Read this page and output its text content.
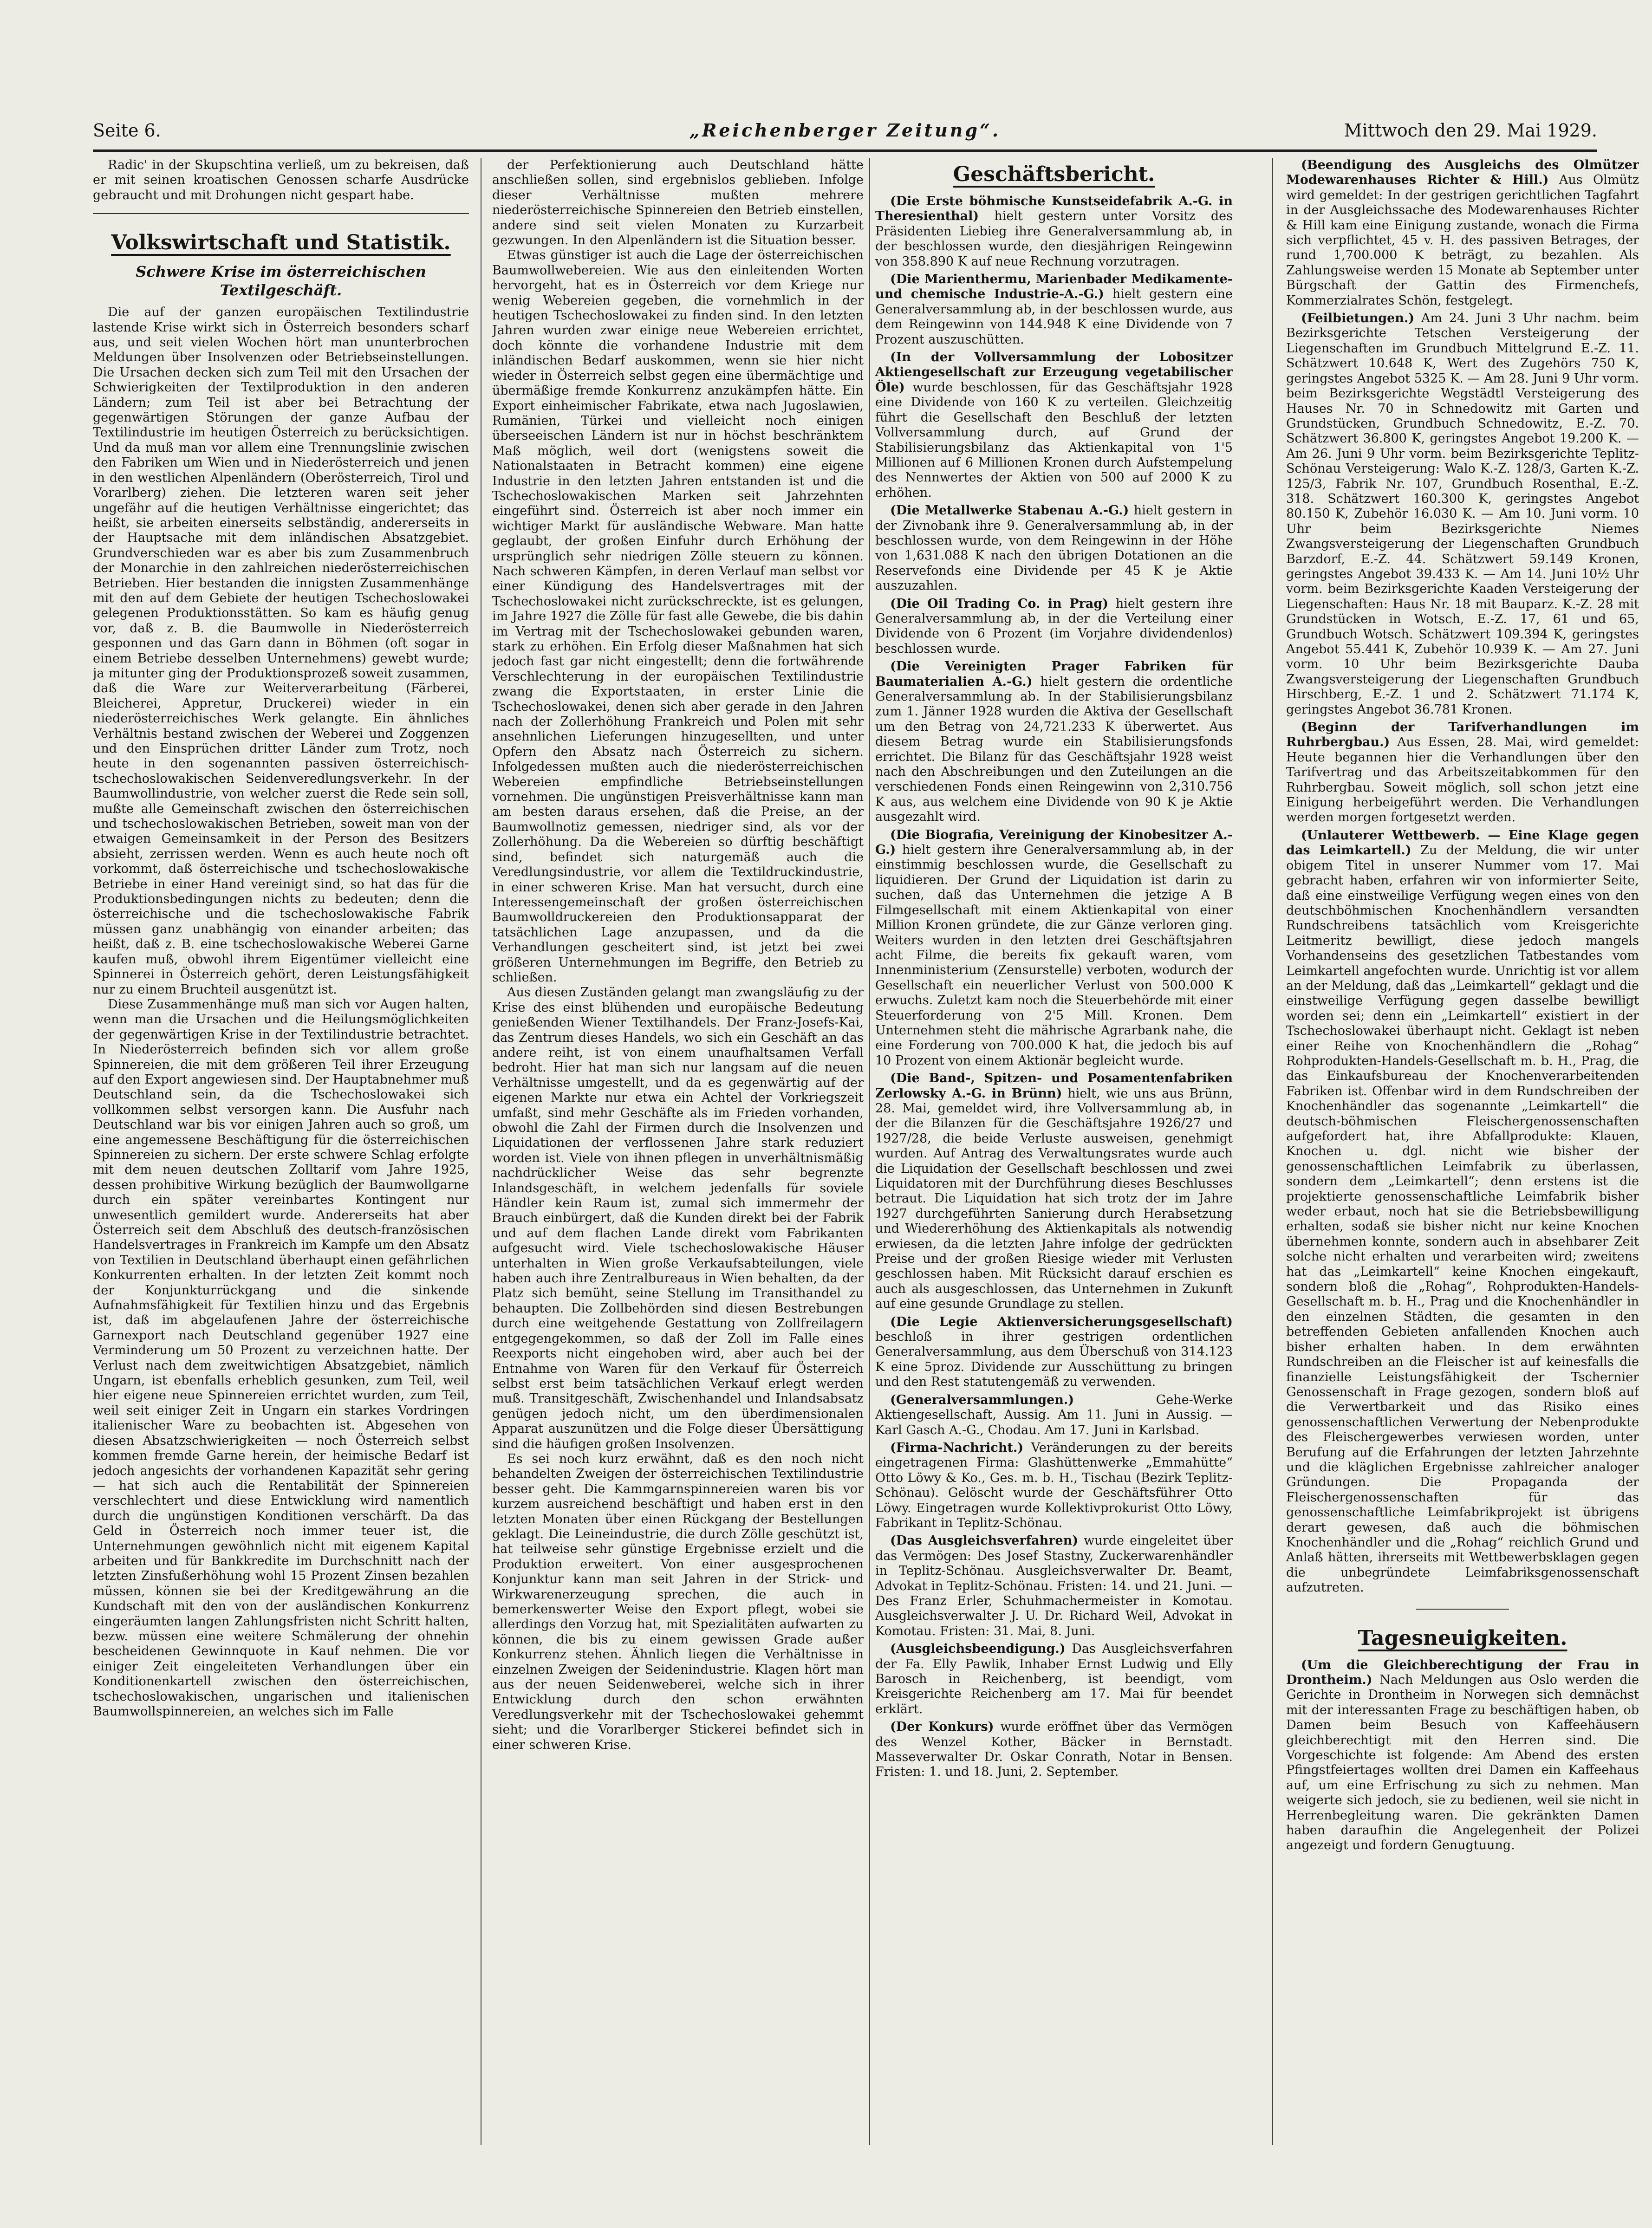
Seite 6.	„Reichenberger Zeitung“.	Mittwoch den 29. Mai 1929.

Radic' in der Skupschtina verließ, um zu bekreisen, daß er mit seinen kroatischen Genossen scharfe Ausdrücke gebraucht und mit Drohungen nicht gespart habe.

Volkswirtschaft und Statistik.
Schwere Krise im österreichischen Textilgeschäft.

Die auf der ganzen europäischen Textilindustrie lastende Krise wirkt sich in Österreich besonders scharf aus, und seit vielen Wochen hört man ununterbrochen Meldungen über Insolvenzen oder Betriebseinstellungen. Die Ursachen decken sich zum Teil mit den Ursachen der Schwierigkeiten der Textilproduktion in den anderen Ländern; zum Teil ist aber bei Betrachtung der gegenwärtigen Störungen der ganze Aufbau der Textilindustrie im heutigen Österreich zu berücksichtigen. Und da muß man vor allem eine Trennungslinie zwischen den Fabriken um Wien und in Niederösterreich und jenen in den westlichen Alpenländern (Oberösterreich, Tirol und Vorarlberg) ziehen. Die letzteren waren seit jeher ungefähr auf die heutigen Verhältnisse eingerichtet; das heißt, sie arbeiten einerseits selbständig, andererseits in der Hauptsache mit dem inländischen Absatzgebiet. Grundverschieden war es aber bis zum Zusammenbruch der Monarchie in den zahlreichen niederösterreichischen Betrieben. Hier bestanden die innigsten Zusammenhänge mit den auf dem Gebiete der heutigen Tschechoslowakei gelegenen Produktionsstätten. So kam es häufig genug vor, daß z. B. die Baumwolle in Niederösterreich gesponnen und das Garn dann in Böhmen (oft sogar in einem Betriebe desselben Unternehmens) gewebt wurde; ja mitunter ging der Produktionsprozeß soweit zusammen, daß die Ware zur Weiterverarbeitung (Färberei, Bleicherei, Appretur, Druckerei) wieder in ein niederösterreichisches Werk gelangte. Ein ähnliches Verhältnis bestand zwischen der Weberei und Zoggenzen und den Einsprüchen dritter Länder zum Trotz, noch heute in den sogenannten passiven österreichisch-tschechoslowakischen Seidenveredlungsverkehr. In der Baumwollindustrie, von welcher zuerst die Rede sein soll, mußte alle Gemeinschaft zwischen den österreichischen und tschechoslowakischen Betrieben, soweit man von der etwaigen Gemeinsamkeit in der Person des Besitzers absieht, zerrissen werden. Wenn es auch heute noch oft vorkommt, daß österreichische und tschechoslowakische Betriebe in einer Hand vereinigt sind, so hat das für die Produktionsbedingungen nichts zu bedeuten; denn die österreichische und die tschechoslowakische Fabrik müssen ganz unabhängig von einander arbeiten; das heißt, daß z. B. eine tschechoslowakische Weberei Garne kaufen muß, obwohl ihrem Eigentümer vielleicht eine Spinnerei in Österreich gehört, deren Leistungsfähigkeit nur zu einem Bruchteil ausgenützt ist.

Diese Zusammenhänge muß man sich vor Augen halten, wenn man die Ursachen und die Heilungsmöglichkeiten der gegenwärtigen Krise in der Textilindustrie betrachtet. In Niederösterreich befinden sich vor allem große Spinnereien, die mit dem größeren Teil ihrer Erzeugung auf den Export angewiesen sind. Der Hauptabnehmer muß Deutschland sein, da die Tschechoslowakei sich vollkommen selbst versorgen kann. Die Ausfuhr nach Deutschland war bis vor einigen Jahren auch so groß, um eine angemessene Beschäftigung für die österreichischen Spinnereien zu sichern. Der erste schwere Schlag erfolgte mit dem neuen deutschen Zolltarif vom Jahre 1925, dessen prohibitive Wirkung bezüglich der Baumwollgarne durch ein später vereinbartes Kontingent nur unwesentlich gemildert wurde. Andererseits hat aber Österreich seit dem Abschluß des deutsch-französischen Handelsvertrages in Frankreich im Kampfe um den Absatz von Textilien in Deutschland überhaupt einen gefährlichen Konkurrenten erhalten. In der letzten Zeit kommt noch der Konjunkturrückgang und die sinkende Aufnahmsfähigkeit für Textilien hinzu und das Ergebnis ist, daß im abgelaufenen Jahre der österreichische Garnexport nach Deutschland gegenüber 1927 eine Verminderung um 50 Prozent zu verzeichnen hatte. Der Verlust nach dem zweitwichtigen Absatzgebiet, nämlich Ungarn, ist ebenfalls erheblich gesunken, zum Teil, weil hier eigene neue Spinnereien errichtet wurden, zum Teil, weil seit einiger Zeit in Ungarn ein starkes Vordringen italienischer Ware zu beobachten ist. Abgesehen von diesen Absatzschwierigkeiten — noch Österreich selbst kommen fremde Garne herein, der heimische Bedarf ist jedoch angesichts der vorhandenen Kapazität sehr gering — hat sich auch die Rentabilität der Spinnereien verschlechtert und diese Entwicklung wird namentlich durch die ungünstigen Konditionen verschärft. Da das Geld in Österreich noch immer teuer ist, die Unternehmungen gewöhnlich nicht mit eigenem Kapital arbeiten und für Bankkredite im Durchschnitt nach der letzten Zinsfußerhöhung wohl 15 Prozent Zinsen bezahlen müssen, können sie bei der Kreditgewährung an die Kundschaft mit den von der ausländischen Konkurrenz eingeräumten langen Zahlungsfristen nicht Schritt halten, bezw. müssen eine weitere Schmälerung der ohnehin bescheidenen Gewinnquote in Kauf nehmen. Die vor einiger Zeit eingeleiteten Verhandlungen über ein Konditionenkartell zwischen den österreichischen, tschechoslowakischen, ungarischen und italienischen Baumwollspinnereien, an welches sich im Falle

der Perfektionierung auch Deutschland hätte anschließen sollen, sind ergebnislos geblieben. Infolge dieser Verhältnisse mußten mehrere niederösterreichische Spinnereien den Betrieb einstellen, andere sind seit vielen Monaten zu Kurzarbeit gezwungen. In den Alpenländern ist die Situation besser.

Etwas günstiger ist auch die Lage der österreichischen Baumwollwebereien. Wie aus den einleitenden Worten hervorgeht, hat es in Österreich vor dem Kriege nur wenig Webereien gegeben, die vornehmlich in der heutigen Tschechoslowakei zu finden sind. In den letzten Jahren wurden zwar einige neue Webereien errichtet, doch könnte die vorhandene Industrie mit dem inländischen Bedarf auskommen, wenn sie hier nicht wieder in Österreich selbst gegen eine übermächtige und übermäßige fremde Konkurrenz anzukämpfen hätte. Ein Export einheimischer Fabrikate, etwa nach Jugoslawien, Rumänien, Türkei und vielleicht noch einigen überseeischen Ländern ist nur in höchst beschränktem Maß möglich, weil dort (wenigstens soweit die Nationalstaaten in Betracht kommen) eine eigene Industrie in den letzten Jahren entstanden ist und die Tschechoslowakischen Marken seit Jahrzehnten eingeführt sind. Österreich ist aber noch immer ein wichtiger Markt für ausländische Webware. Man hatte geglaubt, der großen Einfuhr durch Erhöhung der ursprünglich sehr niedrigen Zölle steuern zu können. Nach schweren Kämpfen, in deren Verlauf man selbst vor einer Kündigung des Handelsvertrages mit der Tschechoslowakei nicht zurückschreckte, ist es gelungen, im Jahre 1927 die Zölle für fast alle Gewebe, die bis dahin im Vertrag mit der Tschechoslowakei gebunden waren, stark zu erhöhen. Ein Erfolg dieser Maßnahmen hat sich jedoch fast gar nicht eingestellt; denn die fortwährende Verschlechterung in der europäischen Textilindustrie zwang die Exportstaaten, in erster Linie die Tschechoslowakei, denen sich aber gerade in den Jahren nach der Zollerhöhung Frankreich und Polen mit sehr ansehnlichen Lieferungen hinzugesellten, und unter Opfern den Absatz nach Österreich zu sichern. Infolgedessen mußten auch die niederösterreichischen Webereien empfindliche Betriebseinstellungen vornehmen. Die ungünstigen Preisverhältnisse kann man am besten daraus ersehen, daß die Preise, an der Baumwollnotiz gemessen, niedriger sind, als vor der Zollerhöhung. Da die Webereien so dürftig beschäftigt sind, befindet sich naturgemäß auch die Veredlungsindustrie, vor allem die Textildruckindustrie, in einer schweren Krise. Man hat versucht, durch eine Interessengemeinschaft der großen österreichischen Baumwolldruckereien den Produktionsapparat der tatsächlichen Lage anzupassen, und da die Verhandlungen gescheitert sind, ist jetzt bei zwei größeren Unternehmungen im Begriffe, den Betrieb zu schließen.

Aus diesen Zuständen gelangt man zwangsläufig zu der Krise des einst blühenden und europäische Bedeutung genießenden Wiener Textilhandels. Der Franz-Josefs-Kai, das Zentrum dieses Handels, wo sich ein Geschäft an das andere reiht, ist von einem unaufhaltsamen Verfall bedroht. Hier hat man sich nur langsam auf die neuen Verhältnisse umgestellt, und da es gegenwärtig auf der eigenen Markte nur etwa ein Achtel der Vorkriegszeit umfaßt, sind mehr Geschäfte als im Frieden vorhanden, obwohl die Zahl der Firmen durch die Insolvenzen und Liquidationen der verflossenen Jahre stark reduziert worden ist. Viele von ihnen pflegen in unverhältnismäßig nachdrücklicher Weise das sehr begrenzte Inlandsgeschäft, in welchem jedenfalls für soviele Händler kein Raum ist, zumal sich immermehr der Brauch einbürgert, daß die Kunden direkt bei der Fabrik und auf dem flachen Lande direkt vom Fabrikanten aufgesucht wird. Viele tschechoslowakische Häuser unterhalten in Wien große Verkaufsabteilungen, viele haben auch ihre Zentralbureaus in Wien behalten, da der Platz sich bemüht, seine Stellung im Transithandel zu behaupten. Die Zollbehörden sind diesen Bestrebungen durch eine weitgehende Gestattung von Zollfreilagern entgegengekommen, so daß der Zoll im Falle eines Reexports nicht eingehoben wird, aber auch bei der Entnahme von Waren für den Verkauf für Österreich selbst erst beim tatsächlichen Verkauf erlegt werden muß. Transitgeschäft, Zwischenhandel und Inlandsabsatz genügen jedoch nicht, um den überdimensionalen Apparat auszunützen und die Folge dieser Übersättigung sind die häufigen großen Insolvenzen.

Es sei noch kurz erwähnt, daß es den noch nicht behandelten Zweigen der österreichischen Textilindustrie besser geht. Die Kammgarnspinnereien waren bis vor kurzem ausreichend beschäftigt und haben erst in den letzten Monaten über einen Rückgang der Bestellungen geklagt. Die Leineindustrie, die durch Zölle geschützt ist, hat teilweise sehr günstige Ergebnisse erzielt und die Produktion erweitert. Von einer ausgesprochenen Konjunktur kann man seit Jahren in der Strick- und Wirkwarenerzeugung sprechen, die auch in bemerkenswerter Weise den Export pflegt, wobei sie allerdings den Vorzug hat, mit Spezialitäten aufwarten zu können, die bis zu einem gewissen Grade außer Konkurrenz stehen. Ähnlich liegen die Verhältnisse in einzelnen Zweigen der Seidenindustrie. Klagen hört man aus der neuen Seidenweberei, welche sich in ihrer Entwicklung durch den schon erwähnten Veredlungsverkehr mit der Tschechoslowakei gehemmt sieht; und die Vorarlberger Stickerei befindet sich in einer schweren Krise.

Geschäftsbericht.

(Die Erste böhmische Kunstseidefabrik A.-G. in Theresienthal) hielt gestern unter Vorsitz des Präsidenten Liebieg ihre Generalversammlung ab, in der beschlossen wurde, den diesjährigen Reingewinn von 358.890 K auf neue Rechnung vorzutragen.

(Die Marienthermu, Marienbader Medikamente- und chemische Industrie-A.-G.) hielt gestern eine Generalversammlung ab, in der beschlossen wurde, aus dem Reingewinn von 144.948 K eine Dividende von 7 Prozent auszuschütten.

(In der Vollversammlung der Lobositzer Aktiengesellschaft zur Erzeugung vegetabilischer Öle) wurde beschlossen, für das Geschäftsjahr 1928 eine Dividende von 160 K zu verteilen. Gleichzeitig führt die Gesellschaft den Beschluß der letzten Vollversammlung durch, auf Grund der Stabilisierungsbilanz das Aktienkapital von 1'5 Millionen auf 6 Millionen Kronen durch Aufstempelung des Nennwertes der Aktien von 500 auf 2000 K zu erhöhen.

(Die Metallwerke Stabenau A.-G.) hielt gestern in der Zivnobank ihre 9. Generalversammlung ab, in der beschlossen wurde, von dem Reingewinn in der Höhe von 1,631.088 K nach den übrigen Dotationen an die Reservefonds eine Dividende per 45 K je Aktie auszuzahlen.

(Die Oil Trading Co. in Prag) hielt gestern ihre Generalversammlung ab, in der die Verteilung einer Dividende von 6 Prozent (im Vorjahre dividendenlos) beschlossen wurde.

(Die Vereinigten Prager Fabriken für Baumaterialien A.-G.) hielt gestern die ordentliche Generalversammlung ab. In der Stabilisierungsbilanz zum 1. Jänner 1928 wurden die Aktiva der Gesellschaft um den Betrag von 24,721.233 K überwertet. Aus diesem Betrag wurde ein Stabilisierungsfonds errichtet. Die Bilanz für das Geschäftsjahr 1928 weist nach den Abschreibungen und den Zuteilungen an die verschiedenen Fonds einen Reingewinn von 2,310.756 K aus, aus welchem eine Dividende von 90 K je Aktie ausgezahlt wird.

(Die Biografia, Vereinigung der Kinobesitzer A.-G.) hielt gestern ihre Generalversammlung ab, in der einstimmig beschlossen wurde, die Gesellschaft zu liquidieren. Der Grund der Liquidation ist darin zu suchen, daß das Unternehmen die jetzige A B Filmgesellschaft mit einem Aktienkapital von einer Million Kronen gründete, die zur Gänze verloren ging. Weiters wurden in den letzten drei Geschäftsjahren acht Filme, die bereits fix gekauft waren, vom Innenministerium (Zensurstelle) verboten, wodurch der Gesellschaft ein neuerlicher Verlust von 500.000 K erwuchs. Zuletzt kam noch die Steuerbehörde mit einer Steuerforderung von 2'5 Mill. Kronen. Dem Unternehmen steht die mährische Agrarbank nahe, die eine Forderung von 700.000 K hat, die jedoch bis auf 10 Prozent von einem Aktionär begleicht wurde.

(Die Band-, Spitzen- und Posamentenfabriken Zerlowsky A.-G. in Brünn) hielt, wie uns aus Brünn, 28. Mai, gemeldet wird, ihre Vollversammlung ab, in der die Bilanzen für die Geschäftsjahre 1926/27 und 1927/28, die beide Verluste ausweisen, genehmigt wurden. Auf Antrag des Verwaltungsrates wurde auch die Liquidation der Gesellschaft beschlossen und zwei Liquidatoren mit der Durchführung dieses Beschlusses betraut. Die Liquidation hat sich trotz der im Jahre 1927 durchgeführten Sanierung durch Herabsetzung und Wiedererhöhung des Aktienkapitals als notwendig erwiesen, da die letzten Jahre infolge der gedrückten Preise und der großen Riesige wieder mit Verlusten geschlossen haben. Mit Rücksicht darauf erschien es auch als ausgeschlossen, das Unternehmen in Zukunft auf eine gesunde Grundlage zu stellen.

(Die Legie Aktienversicherungsgesellschaft) beschloß in ihrer gestrigen ordentlichen Generalversammlung, aus dem Überschuß von 314.123 K eine 5proz. Dividende zur Ausschüttung zu bringen und den Rest statutengemäß zu verwenden.

(Generalversammlungen.)	Gehe-Werke Aktiengesellschaft, Aussig. Am 11. Juni in Aussig. — Karl Gasch A.-G., Chodau. Am 17. Juni in Karlsbad.

(Firma-Nachricht.) Veränderungen zu der bereits eingetragenen Firma: Glashüttenwerke „Emmahütte“ Otto Löwy & Ko., Ges. m. b. H., Tischau (Bezirk Teplitz-Schönau). Gelöscht wurde der Geschäftsführer Otto Löwy. Eingetragen wurde Kollektivprokurist Otto Löwy, Fabrikant in Teplitz-Schönau.

(Das Ausgleichsverfahren) wurde eingeleitet über das Vermögen: Des Josef Stastny, Zuckerwarenhändler in Teplitz-Schönau. Ausgleichsverwalter Dr. Beamt, Advokat in Teplitz-Schönau. Fristen: 14. und 21. Juni. — Des Franz Erler, Schuhmachermeister in Komotau. Ausgleichsverwalter J. U. Dr. Richard Weil, Advokat in Komotau. Fristen: 31. Mai, 8. Juni.

(Ausgleichsbeendigung.) Das Ausgleichsverfahren der Fa. Elly Pawlik, Inhaber Ernst Ludwig und Elly Barosch in Reichenberg, ist beendigt, vom Kreisgerichte Reichenberg am 17. Mai für beendet erklärt.

(Der Konkurs) wurde eröffnet über das Vermögen des Wenzel Kother, Bäcker in Bernstadt. Masseverwalter Dr. Oskar Conrath, Notar in Bensen. Fristen: 1. und 18. Juni, 2. September.

(Beendigung des Ausgleichs des Olmützer Modewarenhauses Richter & Hill.) Aus Olmütz wird gemeldet: In der gestrigen gerichtlichen Tagfahrt in der Ausgleichssache des Modewarenhauses Richter & Hill kam eine Einigung zustande, wonach die Firma sich verpflichtet, 45 v. H. des passiven Betrages, der rund 1,700.000 K beträgt, zu bezahlen. Als Zahlungsweise werden 15 Monate ab September unter Bürgschaft der Gattin des Firmenchefs, Kommerzialrates Schön, festgelegt.

(Feilbietungen.) Am 24. Juni 3 Uhr nachm. beim Bezirksgerichte Tetschen Versteigerung der Liegenschaften im Grundbuch Mittelgrund E.-Z. 11. Schätzwert 10.648 K, Wert des Zugehörs 750 K, geringstes Angebot 5325 K. — Am 28. Juni 9 Uhr vorm. beim Bezirksgerichte Wegstädtl Versteigerung des Hauses Nr. 70 in Schnedowitz mit Garten und Grundstücken, Grundbuch Schnedowitz, E.-Z. 70. Schätzwert 36.800 K, geringstes Angebot 19.200 K. — Am 26. Juni 9 Uhr vorm. beim Bezirksgerichte Teplitz-Schönau Versteigerung: Walo K.-Z. 128/3, Garten K.-Z. 125/3, Fabrik Nr. 107, Grundbuch Rosenthal, E.-Z. 318. Schätzwert 160.300 K, geringstes Angebot 80.150 K, Zubehör 16.030 K. — Am 10. Juni vorm. 10 Uhr beim Bezirksgerichte Niemes Zwangsversteigerung der Liegenschaften Grundbuch Barzdorf, E.-Z. 44. Schätzwert 59.149 Kronen, geringstes Angebot 39.433 K. — Am 14. Juni 10½ Uhr vorm. beim Bezirksgerichte Kaaden Versteigerung der Liegenschaften: Haus Nr. 18 mit Bauparz. K.-Z. 28 mit Grundstücken in Wotsch, E.-Z. 17, 61 und 65, Grundbuch Wotsch. Schätzwert 109.394 K, geringstes Angebot 55.441 K, Zubehör 10.939 K. — Am 27. Juni vorm. 10 Uhr beim Bezirksgerichte Dauba Zwangsversteigerung der Liegenschaften Grundbuch Hirschberg, E.-Z. 1 und 2. Schätzwert 71.174 K, geringstes Angebot 36.781 Kronen.

(Beginn der Tarifverhandlungen im Ruhrbergbau.) Aus Essen, 28. Mai, wird gemeldet: Heute begannen hier die Verhandlungen über den Tarifvertrag und das Arbeitszeitabkommen für den Ruhrbergbau. Soweit möglich, soll schon jetzt eine Einigung herbeigeführt werden. Die Verhandlungen werden morgen fortgesetzt werden.

(Unlauterer Wettbewerb. — Eine Klage gegen das Leimkartell.) Zu der Meldung, die wir unter obigem Titel in unserer Nummer vom 17. Mai gebracht haben, erfahren wir von informierter Seite, daß eine einstweilige Verfügung wegen eines von den deutschböhmischen Knochenhändlern versandten Rundschreibens tatsächlich vom Kreisgerichte Leitmeritz bewilligt, diese jedoch mangels Vorhandenseins des gesetzlichen Tatbestandes vom Leimkartell angefochten wurde. Unrichtig ist vor allem an der Meldung, daß das „Leimkartell“ geklagt und die einstweilige Verfügung gegen dasselbe bewilligt worden sei; denn ein „Leimkartell“ existiert in der Tschechoslowakei überhaupt nicht. Geklagt ist neben einer Reihe von Knochenhändlern die „Rohag“ Rohprodukten-Handels-Gesellschaft m. b. H., Prag, die das Einkaufsbureau der Knochenverarbeitenden Fabriken ist. Offenbar wird in dem Rundschreiben der Knochenhändler das sogenannte „Leimkartell“ die deutsch-böhmischen Fleischergenossenschaften aufgefordert hat, ihre Abfallprodukte: Klauen, Knochen u. dgl. nicht wie bisher der genossenschaftlichen Leimfabrik zu überlassen, sondern dem „Leimkartell“; denn erstens ist die projektierte genossenschaftliche Leimfabrik bisher weder erbaut, noch hat sie die Betriebsbewilligung erhalten, sodaß sie bisher nicht nur keine Knochen übernehmen konnte, sondern auch in absehbarer Zeit solche nicht erhalten und verarbeiten wird; zweitens hat das „Leimkartell“ keine Knochen eingekauft, sondern bloß die „Rohag“, Rohprodukten-Handels-Gesellschaft m. b. H., Prag und die Knochenhändler in den einzelnen Städten, die gesamten in den betreffenden Gebieten anfallenden Knochen auch bisher erhalten haben. In dem erwähnten Rundschreiben an die Fleischer ist auf keinesfalls die finanzielle Leistungsfähigkeit der Tschernier Genossenschaft in Frage gezogen, sondern bloß auf die Verwertbarkeit und das Risiko eines genossenschaftlichen Verwertung der Nebenprodukte des Fleischergewerbes verwiesen worden, unter Berufung auf die Erfahrungen der letzten Jahrzehnte und die kläglichen Ergebnisse zahlreicher analoger Gründungen. Die Propaganda der Fleischergenossenschaften für das genossenschaftliche Leimfabrikprojekt ist übrigens derart gewesen, daß auch die böhmischen Knochenhändler und die „Rohag“ reichlich Grund und Anlaß hätten, ihrerseits mit Wettbewerbsklagen gegen die unbegründete Leimfabriksgenossenschaft aufzutreten.

Tagesneuigkeiten.

(Um die Gleichberechtigung der Frau in Drontheim.) Nach Meldungen aus Oslo werden die Gerichte in Drontheim in Norwegen sich demnächst mit der interessanten Frage zu beschäftigen haben, ob Damen beim Besuch von Kaffeehäusern gleichberechtigt mit den Herren sind. Die Vorgeschichte ist folgende: Am Abend des ersten Pfingstfeiertages wollten drei Damen ein Kaffeehaus auf, um eine Erfrischung zu sich zu nehmen. Man weigerte sich jedoch, sie zu bedienen, weil sie nicht in Herrenbegleitung waren. Die gekränkten Damen haben daraufhin die Angelegenheit der Polizei angezeigt und fordern Genugtuung.
